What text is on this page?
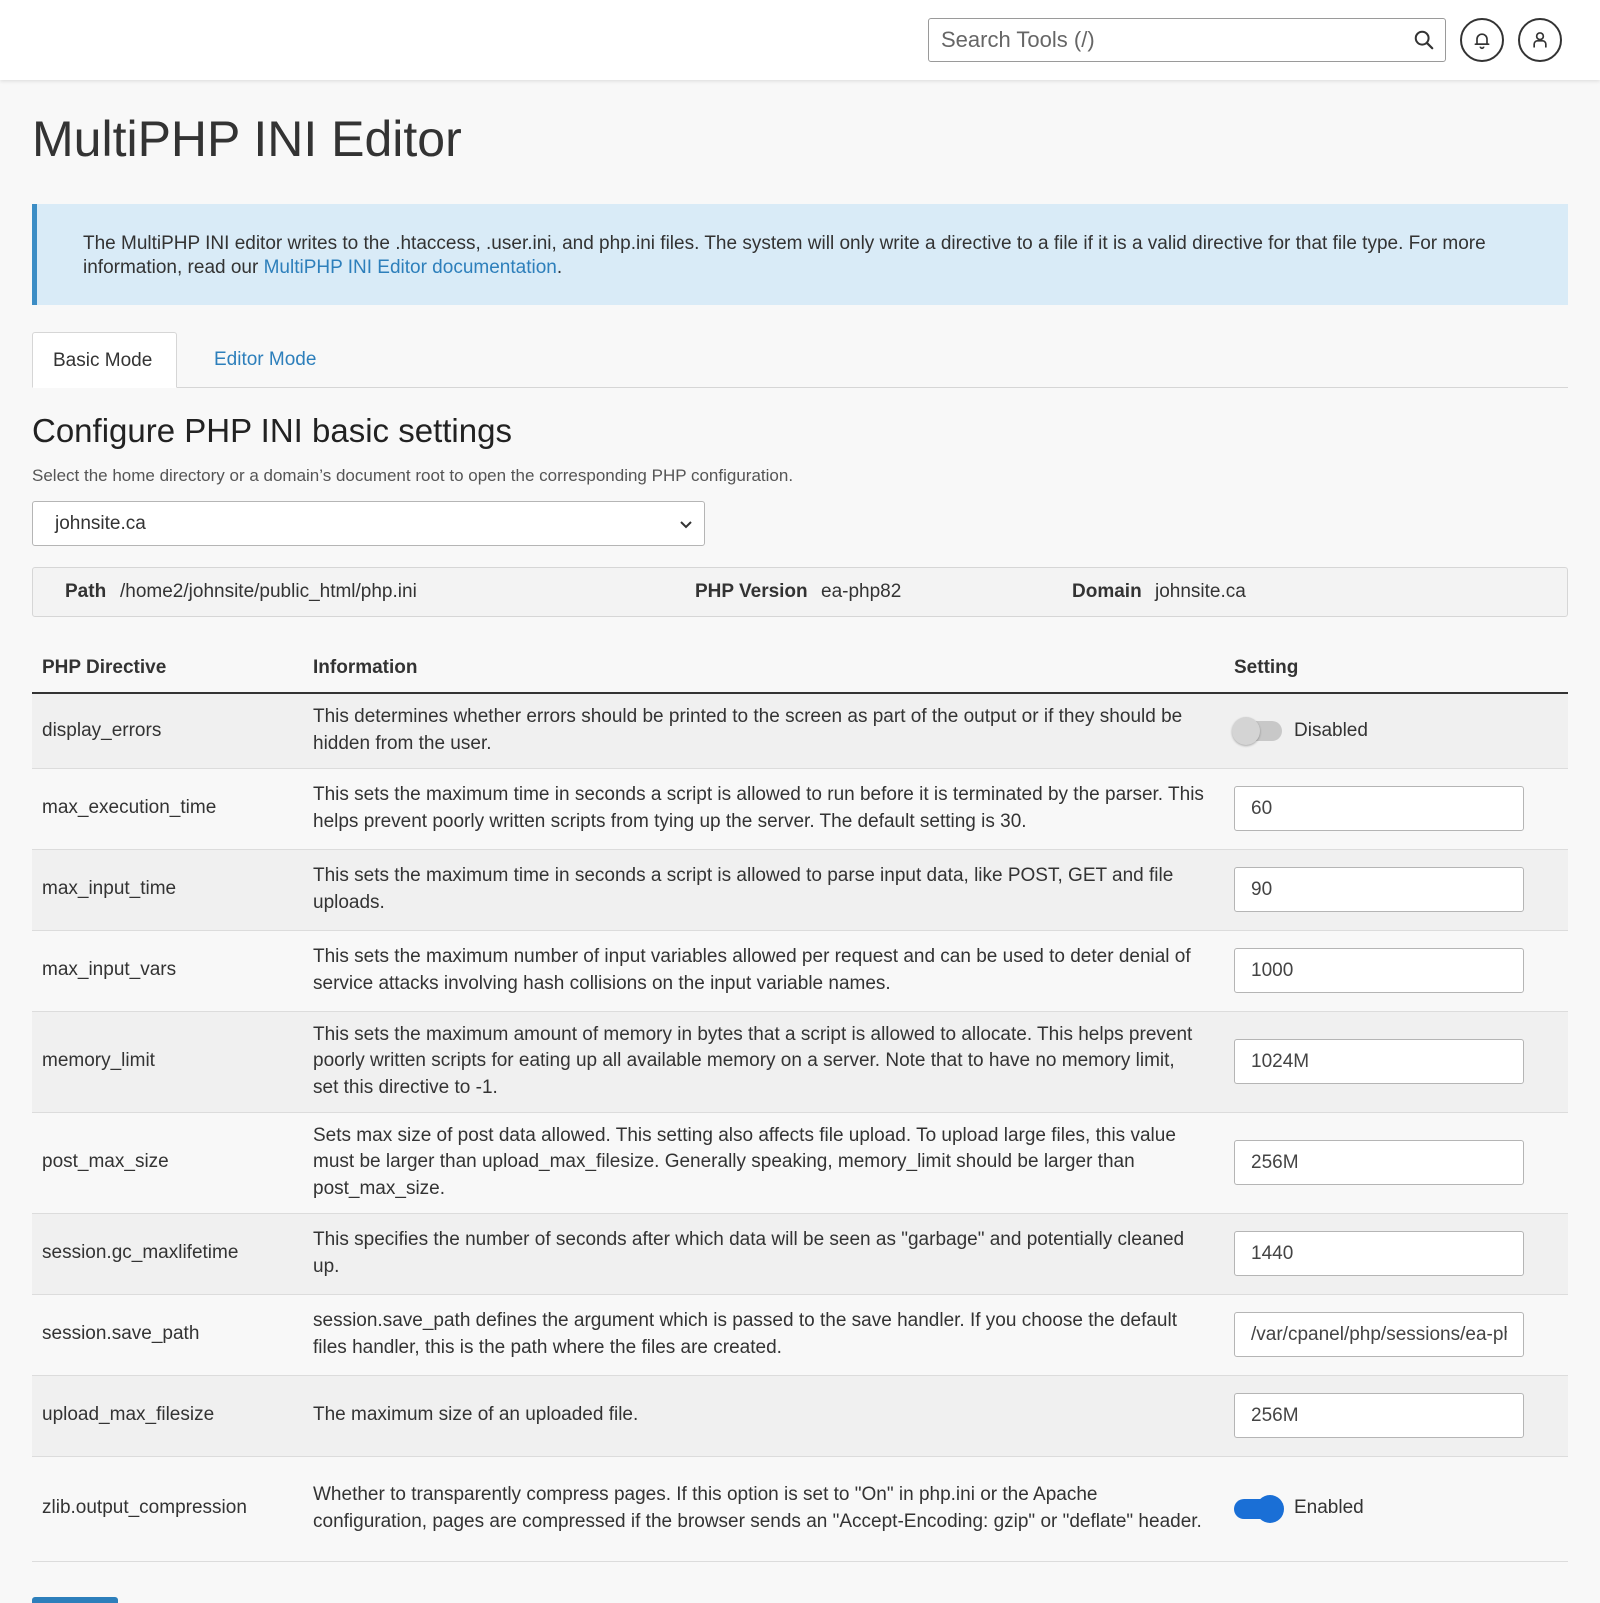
Search Tools (/)
MultiPHP INI Editor
The MultiPHP INI editor writes to the .htaccess, .user.ini, and php.ini files. The system will only write a directive to a file if it is a valid directive for that file type. For more information, read our MultiPHP INI Editor documentation.
Basic Mode	Editor Mode
Configure PHP INI basic settings
Select the home directory or a domain’s document root to open the corresponding PHP configuration.
johnsite.ca
Path /home2/johnsite/public_html/php.ini	PHP Version ea-php82	Domain johnsite.ca
PHP Directive	Information	Setting
display_errors	This determines whether errors should be printed to the screen as part of the output or if they should be hidden from the user.	Disabled

max_execution_time	This sets the maximum time in seconds a script is allowed to run before it is terminated by the parser. This helps prevent poorly written scripts from tying up the server. The default setting is 30.	60
max_input_time	This sets the maximum time in seconds a script is allowed to parse input data, like POST, GET and file uploads.	90
max_input_vars	This sets the maximum number of input variables allowed per request and can be used to deter denial of service attacks involving hash collisions on the input variable names.	1000
memory_limit	This sets the maximum amount of memory in bytes that a script is allowed to allocate. This helps prevent poorly written scripts for eating up all available memory on a server. Note that to have no memory limit, set this directive to -1.	1024M
post_max_size	Sets max size of post data allowed. This setting also affects file upload. To upload large files, this value must be larger than upload_max_filesize. Generally speaking, memory_limit should be larger than post_max_size.	256M
session.gc_maxlifetime	This specifies the number of seconds after which data will be seen as "garbage" and potentially cleaned up.	1440
session.save_path	session.save_path defines the argument which is passed to the save handler. If you choose the default files handler, this is the path where the files are created.	/var/cpanel/php/sessions/ea-php82
upload_max_filesize	The maximum size of an uploaded file.	256M
zlib.output_compression	Whether to transparently compress pages. If this option is set to "On" in php.ini or the Apache configuration, pages are compressed if the browser sends an "Accept-Encoding: gzip" or "deflate" header.	Enabled
